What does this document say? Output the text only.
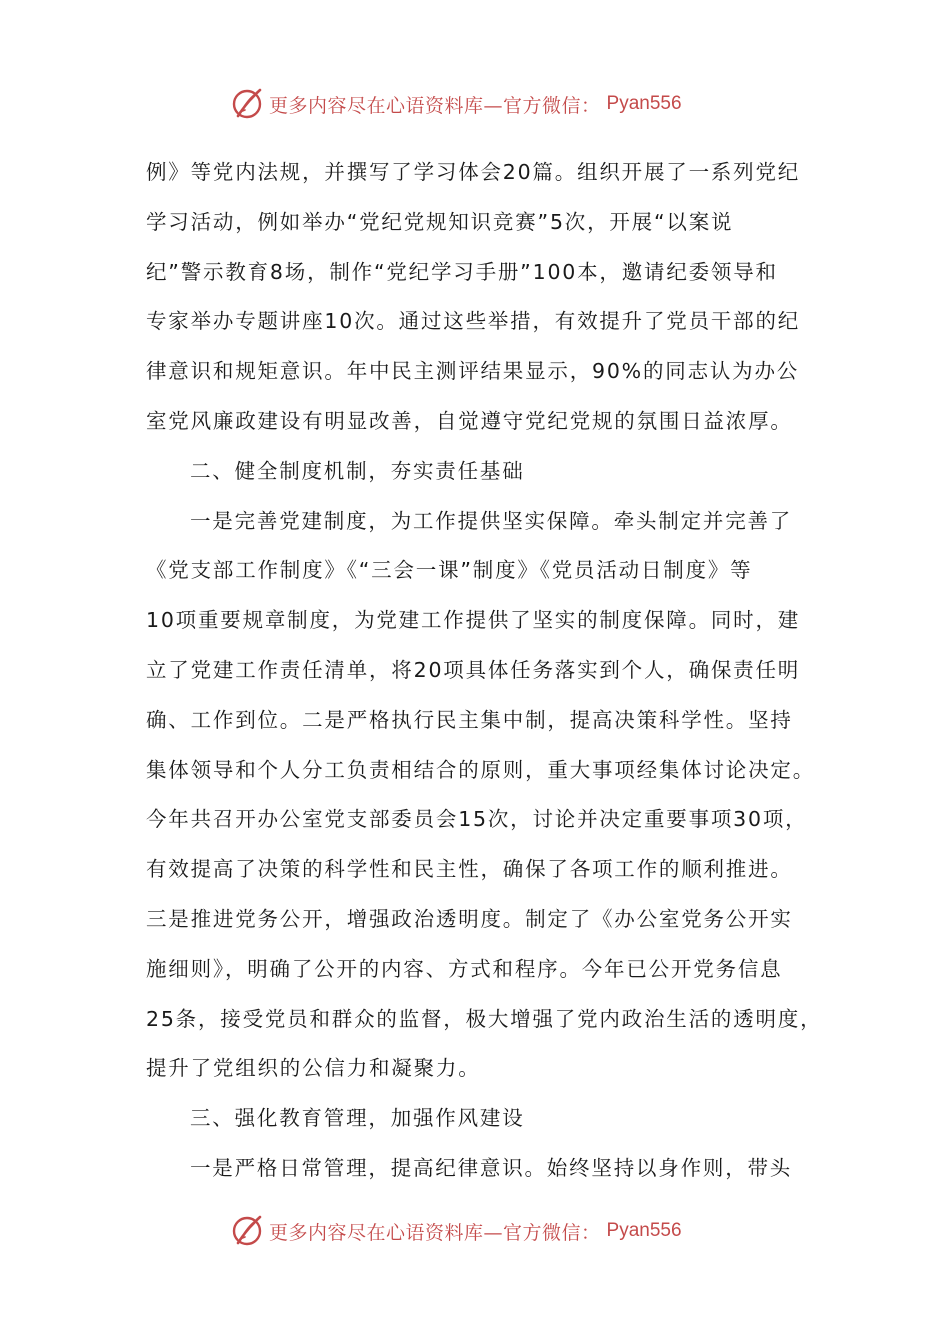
更多内容尽在心语资料库—官方微信： Pyan556
例》等党内法规，并撰写了学习体会20篇。组织开展了一系列党纪
学习活动，例如举办“党纪党规知识竞赛”5次，开展“以案说
纪”警示教育8场，制作“党纪学习手册”100本，邀请纪委领导和
专家举办专题讲座10次。通过这些举措，有效提升了党员干部的纪
律意识和规矩意识。年中民主测评结果显示，90%的同志认为办公
室党风廉政建设有明显改善，自觉遵守党纪党规的氛围日益浓厚。
二、健全制度机制，夯实责任基础
一是完善党建制度，为工作提供坚实保障。牵头制定并完善了
《党支部工作制度》《“三会一课”制度》《党员活动日制度》等
10项重要规章制度，为党建工作提供了坚实的制度保障。同时，建
立了党建工作责任清单，将20项具体任务落实到个人，确保责任明
确、工作到位。二是严格执行民主集中制，提高决策科学性。坚持
集体领导和个人分工负责相结合的原则，重大事项经集体讨论决定。
今年共召开办公室党支部委员会15次，讨论并决定重要事项30项，
有效提高了决策的科学性和民主性，确保了各项工作的顺利推进。
三是推进党务公开，增强政治透明度。制定了《办公室党务公开实
施细则》，明确了公开的内容、方式和程序。今年已公开党务信息
25条，接受党员和群众的监督，极大增强了党内政治生活的透明度，
提升了党组织的公信力和凝聚力。
三、强化教育管理，加强作风建设
一是严格日常管理，提高纪律意识。始终坚持以身作则，带头
更多内容尽在心语资料库—官方微信： Pyan556
